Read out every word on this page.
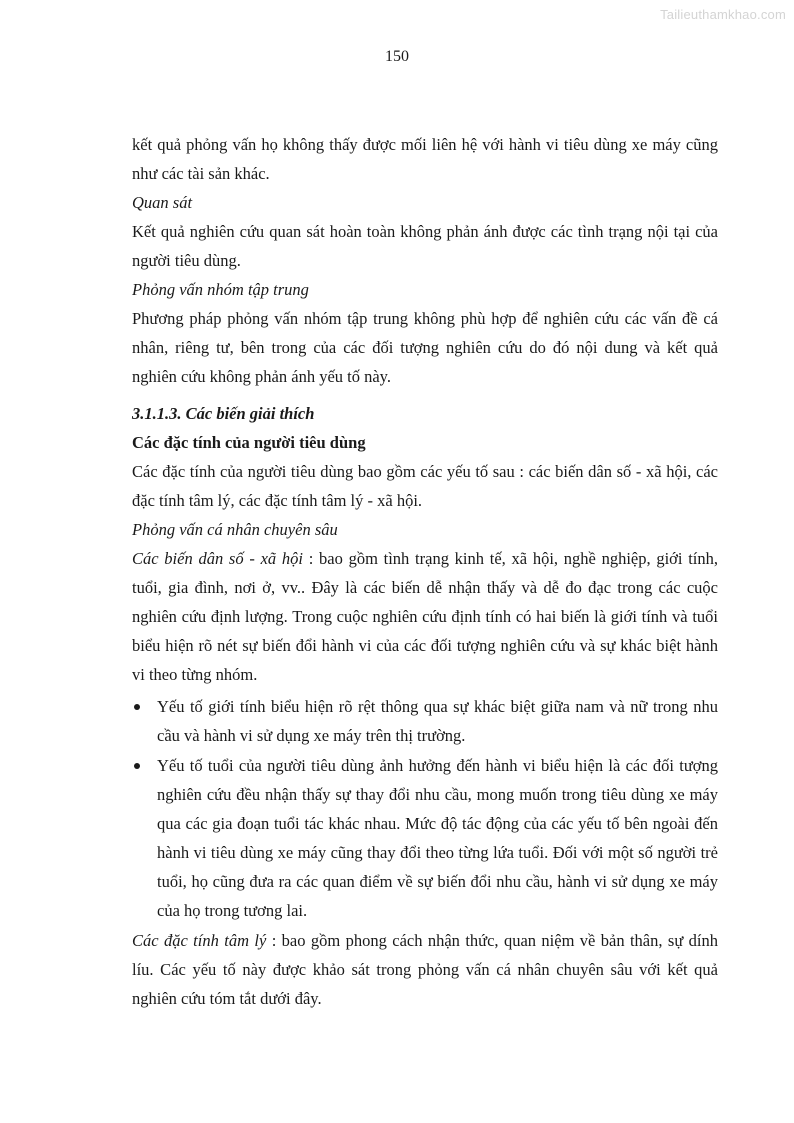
Tailieuthamkhao.com
150

kết quả phỏng vấn họ không thấy được mối liên hệ với hành vi tiêu dùng xe máy cũng như các tài sản khác.

Quan sát

Kết quả nghiên cứu quan sát hoàn toàn không phản ánh được các tình trạng nội tại của người tiêu dùng.

Phỏng vấn nhóm tập trung

Phương pháp phỏng vấn nhóm tập trung không phù hợp để nghiên cứu các vấn đề cá nhân, riêng tư, bên trong của các đối tượng nghiên cứu do đó nội dung và kết quả nghiên cứu không phản ánh yếu tố này.

3.1.1.3. Các biến giải thích

Các đặc tính của người tiêu dùng

Các đặc tính của người tiêu dùng bao gồm các yếu tố sau : các biến dân số - xã hội, các đặc tính tâm lý, các đặc tính tâm lý - xã hội.

Phỏng vấn cá nhân chuyên sâu

Các biến dân số - xã hội : bao gồm tình trạng kinh tế, xã hội, nghề nghiệp, giới tính, tuổi, gia đình, nơi ở, vv.. Đây là các biến dễ nhận thấy và dễ đo đạc trong các cuộc nghiên cứu định lượng. Trong cuộc nghiên cứu định tính có hai biến là giới tính và tuổi biểu hiện rõ nét sự biến đổi hành vi của các đối tượng nghiên cứu và sự khác biệt hành vi theo từng nhóm.

Yếu tố giới tính biểu hiện rõ rệt thông qua sự khác biệt giữa nam và nữ trong nhu cầu và hành vi sử dụng xe máy trên thị trường.
Yếu tố tuổi của người tiêu dùng ảnh hưởng đến hành vi biểu hiện là các đối tượng nghiên cứu đều nhận thấy sự thay đổi nhu cầu, mong muốn trong tiêu dùng xe máy qua các gia đoạn tuổi tác khác nhau. Mức độ tác động của các yếu tố bên ngoài đến hành vi tiêu dùng xe máy cũng thay đổi theo từng lứa tuổi. Đối với một số người trẻ tuổi, họ cũng đưa ra các quan điểm về sự biến đổi nhu cầu, hành vi sử dụng xe máy của họ trong tương lai.

Các đặc tính tâm lý : bao gồm phong cách nhận thức, quan niệm về bản thân, sự dính líu. Các yếu tố này được khảo sát trong phỏng vấn cá nhân chuyên sâu với kết quả nghiên cứu tóm tắt dưới đây.
